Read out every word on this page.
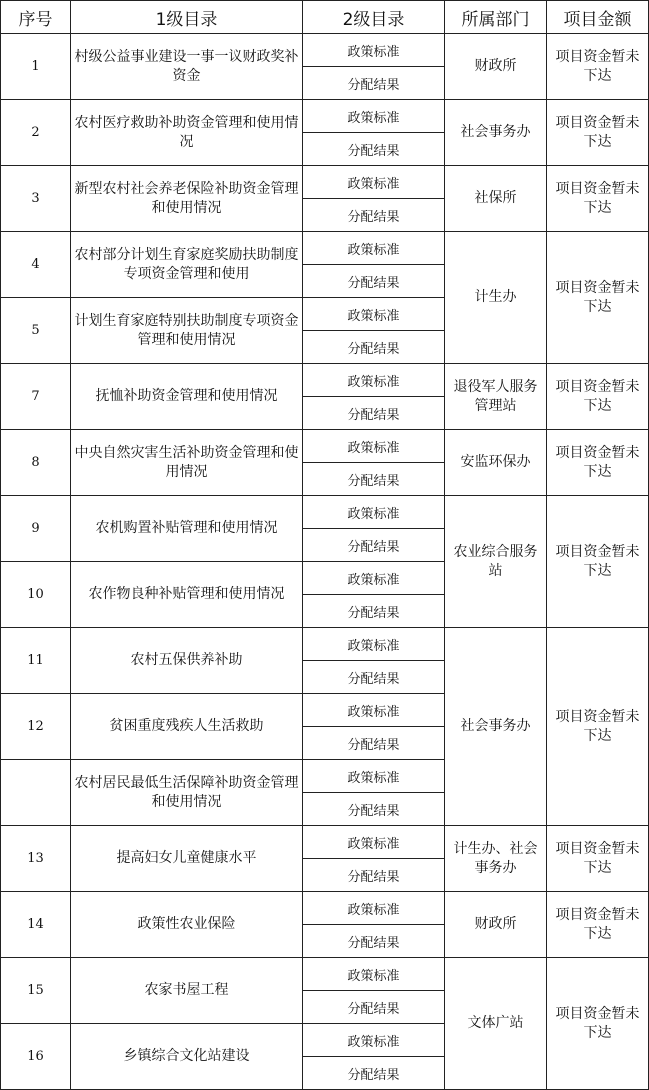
序号	1级目录	2级目录	所属部门	项目金额
1	村级公益事业建设一事一议财政奖补资金	政策标准	财政所	项目资金暂未下达
		分配结果		
2	农村医疗救助补助资金管理和使用情况	政策标准	社会事务办	项目资金暂未下达
		分配结果		
3	新型农村社会养老保险补助资金管理和使用情况	政策标准	社保所	项目资金暂未下达
		分配结果		
4	农村部分计划生育家庭奖励扶助制度专项资金管理和使用	政策标准	计生办	项目资金暂未下达
		分配结果		
5	计划生育家庭特别扶助制度专项资金管理和使用情况	政策标准		
		分配结果		
7	抚恤补助资金管理和使用情况	政策标准	退役军人服务管理站	项目资金暂未下达
		分配结果		
8	中央自然灾害生活补助资金管理和使用情况	政策标准	安监环保办	项目资金暂未下达
		分配结果		
9	农机购置补贴管理和使用情况	政策标准	农业综合服务站	项目资金暂未下达
		分配结果		
10	农作物良种补贴管理和使用情况	政策标准		
		分配结果		
11	农村五保供养补助	政策标准	社会事务办	项目资金暂未下达
		分配结果		
12	贫困重度残疾人生活救助	政策标准		
		分配结果		
	农村居民最低生活保障补助资金管理和使用情况	政策标准		
		分配结果		
13	提高妇女儿童健康水平	政策标准	计生办、社会事务办	项目资金暂未下达
		分配结果		
14	政策性农业保险	政策标准	财政所	项目资金暂未下达
		分配结果		
15	农家书屋工程	政策标准	文体广站	项目资金暂未下达
		分配结果		
16	乡镇综合文化站建设	政策标准		
		分配结果		
